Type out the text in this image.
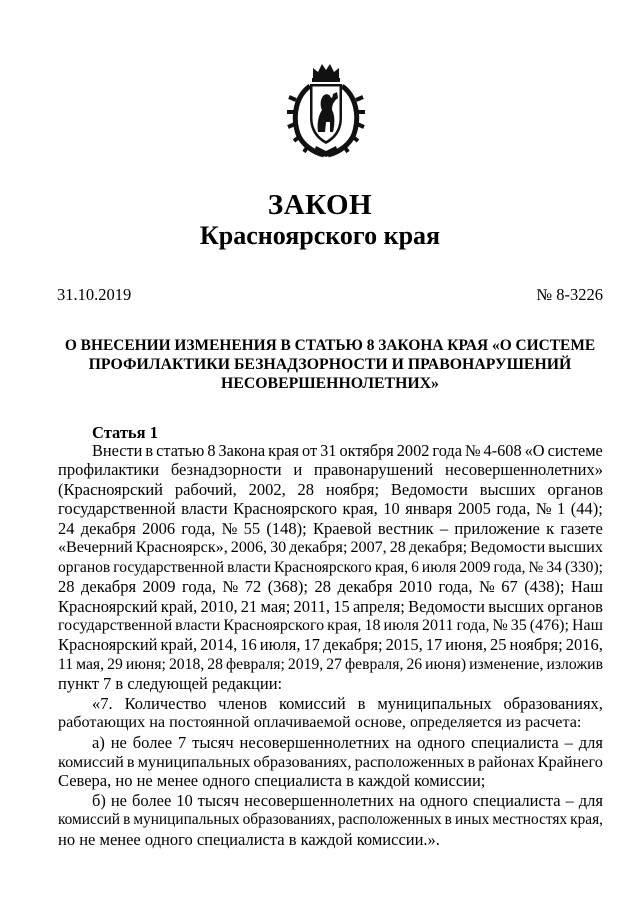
ЗАКОН
Красноярского края
31.10.2019	№ 8-3226
О ВНЕСЕНИИ ИЗМЕНЕНИЯ В СТАТЬЮ 8 ЗАКОНА КРАЯ «О СИСТЕМЕ
ПРОФИЛАКТИКИ БЕЗНАДЗОРНОСТИ И ПРАВОНАРУШЕНИЙ
НЕСОВЕРШЕННОЛЕТНИХ»
Статья 1
Внести в статью 8 Закона края от 31 октября 2002 года № 4-608 «О системе
профилактики безнадзорности и правонарушений несовершеннолетних»
(Красноярский рабочий, 2002, 28 ноября; Ведомости высших органов
государственной власти Красноярского края, 10 января 2005 года, № 1 (44);
24 декабря 2006 года, № 55 (148); Краевой вестник – приложение к газете
«Вечерний Красноярск», 2006, 30 декабря; 2007, 28 декабря; Ведомости высших
органов государственной власти Красноярского края, 6 июля 2009 года, № 34 (330);
28 декабря 2009 года, № 72 (368); 28 декабря 2010 года, № 67 (438); Наш
Красноярский край, 2010, 21 мая; 2011, 15 апреля; Ведомости высших органов
государственной власти Красноярского края, 18 июля 2011 года, № 35 (476); Наш
Красноярский край, 2014, 16 июля, 17 декабря; 2015, 17 июня, 25 ноября; 2016,
11 мая, 29 июня; 2018, 28 февраля; 2019, 27 февраля, 26 июня) изменение, изложив
пункт 7 в следующей редакции:
«7. Количество членов комиссий в муниципальных образованиях,
работающих на постоянной оплачиваемой основе, определяется из расчета:
а) не более 7 тысяч несовершеннолетних на одного специалиста – для
комиссий в муниципальных образованиях, расположенных в районах Крайнего
Севера, но не менее одного специалиста в каждой комиссии;
б) не более 10 тысяч несовершеннолетних на одного специалиста – для
комиссий в муниципальных образованиях, расположенных в иных местностях края,
но не менее одного специалиста в каждой комиссии.».
